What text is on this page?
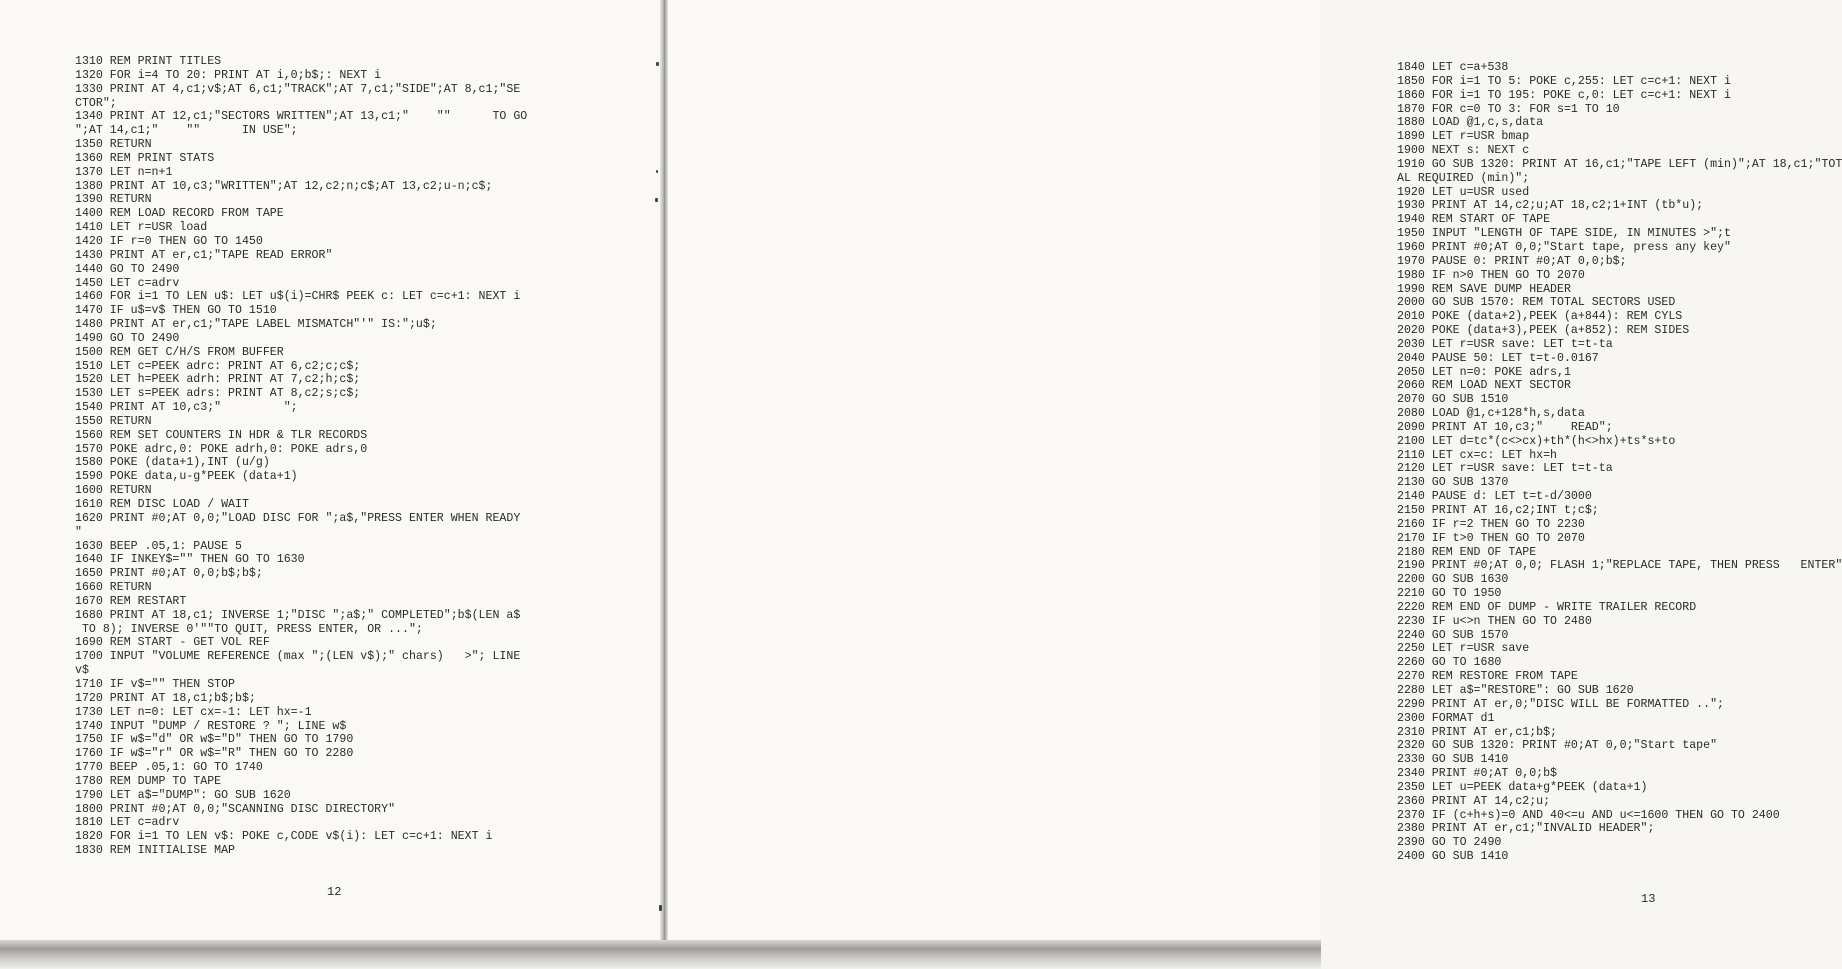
1310 REM PRINT TITLES
1320 FOR i=4 TO 20: PRINT AT i,0;b$;: NEXT i
1330 PRINT AT 4,c1;v$;AT 6,c1;"TRACK";AT 7,c1;"SIDE";AT 8,c1;"SE
CTOR";
1340 PRINT AT 12,c1;"SECTORS WRITTEN";AT 13,c1;"    ""      TO GO
";AT 14,c1;"    ""      IN USE";
1350 RETURN
1360 REM PRINT STATS
1370 LET n=n+1
1380 PRINT AT 10,c3;"WRITTEN";AT 12,c2;n;c$;AT 13,c2;u-n;c$;
1390 RETURN
1400 REM LOAD RECORD FROM TAPE
1410 LET r=USR load
1420 IF r=0 THEN GO TO 1450
1430 PRINT AT er,c1;"TAPE READ ERROR"
1440 GO TO 2490
1450 LET c=adrv
1460 FOR i=1 TO LEN u$: LET u$(i)=CHR$ PEEK c: LET c=c+1: NEXT i
1470 IF u$=v$ THEN GO TO 1510
1480 PRINT AT er,c1;"TAPE LABEL MISMATCH"'" IS:";u$;
1490 GO TO 2490
1500 REM GET C/H/S FROM BUFFER
1510 LET c=PEEK adrc: PRINT AT 6,c2;c;c$;
1520 LET h=PEEK adrh: PRINT AT 7,c2;h;c$;
1530 LET s=PEEK adrs: PRINT AT 8,c2;s;c$;
1540 PRINT AT 10,c3;"         ";
1550 RETURN
1560 REM SET COUNTERS IN HDR & TLR RECORDS
1570 POKE adrc,0: POKE adrh,0: POKE adrs,0
1580 POKE (data+1),INT (u/g)
1590 POKE data,u-g*PEEK (data+1)
1600 RETURN
1610 REM DISC LOAD / WAIT
1620 PRINT #0;AT 0,0;"LOAD DISC FOR ";a$,"PRESS ENTER WHEN READY
"
1630 BEEP .05,1: PAUSE 5
1640 IF INKEY$="" THEN GO TO 1630
1650 PRINT #0;AT 0,0;b$;b$;
1660 RETURN
1670 REM RESTART
1680 PRINT AT 18,c1; INVERSE 1;"DISC ";a$;" COMPLETED";b$(LEN a$
TO 8); INVERSE 0'""TO QUIT, PRESS ENTER, OR ...";
1690 REM START - GET VOL REF
1700 INPUT "VOLUME REFERENCE (max ";(LEN v$);" chars)   >"; LINE
v$
1710 IF v$="" THEN STOP
1720 PRINT AT 18,c1;b$;b$;
1730 LET n=0: LET cx=-1: LET hx=-1
1740 INPUT "DUMP / RESTORE ? "; LINE w$
1750 IF w$="d" OR w$="D" THEN GO TO 1790
1760 IF w$="r" OR w$="R" THEN GO TO 2280
1770 BEEP .05,1: GO TO 1740
1780 REM DUMP TO TAPE
1790 LET a$="DUMP": GO SUB 1620
1800 PRINT #0;AT 0,0;"SCANNING DISC DIRECTORY"
1810 LET c=adrv
1820 FOR i=1 TO LEN v$: POKE c,CODE v$(i): LET c=c+1: NEXT i
1830 REM INITIALISE MAP
12
1840 LET c=a+538
1850 FOR i=1 TO 5: POKE c,255: LET c=c+1: NEXT i
1860 FOR i=1 TO 195: POKE c,0: LET c=c+1: NEXT i
1870 FOR c=0 TO 3: FOR s=1 TO 10
1880 LOAD @1,c,s,data
1890 LET r=USR bmap
1900 NEXT s: NEXT c
1910 GO SUB 1320: PRINT AT 16,c1;"TAPE LEFT (min)";AT 18,c1;"TOT
AL REQUIRED (min)";
1920 LET u=USR used
1930 PRINT AT 14,c2;u;AT 18,c2;1+INT (tb*u);
1940 REM START OF TAPE
1950 INPUT "LENGTH OF TAPE SIDE, IN MINUTES >";t
1960 PRINT #0;AT 0,0;"Start tape, press any key"
1970 PAUSE 0: PRINT #0;AT 0,0;b$;
1980 IF n>0 THEN GO TO 2070
1990 REM SAVE DUMP HEADER
2000 GO SUB 1570: REM TOTAL SECTORS USED
2010 POKE (data+2),PEEK (a+844): REM CYLS
2020 POKE (data+3),PEEK (a+852): REM SIDES
2030 LET r=USR save: LET t=t-ta
2040 PAUSE 50: LET t=t-0.0167
2050 LET n=0: POKE adrs,1
2060 REM LOAD NEXT SECTOR
2070 GO SUB 1510
2080 LOAD @1,c+128*h,s,data
2090 PRINT AT 10,c3;"    READ";
2100 LET d=tc*(c<>cx)+th*(h<>hx)+ts*s+to
2110 LET cx=c: LET hx=h
2120 LET r=USR save: LET t=t-ta
2130 GO SUB 1370
2140 PAUSE d: LET t=t-d/3000
2150 PRINT AT 16,c2;INT t;c$;
2160 IF r=2 THEN GO TO 2230
2170 IF t>0 THEN GO TO 2070
2180 REM END OF TAPE
2190 PRINT #0;AT 0,0; FLASH 1;"REPLACE TAPE, THEN PRESS   ENTER"
2200 GO SUB 1630
2210 GO TO 1950
2220 REM END OF DUMP - WRITE TRAILER RECORD
2230 IF u<>n THEN GO TO 2480
2240 GO SUB 1570
2250 LET r=USR save
2260 GO TO 1680
2270 REM RESTORE FROM TAPE
2280 LET a$="RESTORE": GO SUB 1620
2290 PRINT AT er,0;"DISC WILL BE FORMATTED ..";
2300 FORMAT d1
2310 PRINT AT er,c1;b$;
2320 GO SUB 1320: PRINT #0;AT 0,0;"Start tape"
2330 GO SUB 1410
2340 PRINT #0;AT 0,0;b$
2350 LET u=PEEK data+g*PEEK (data+1)
2360 PRINT AT 14,c2;u;
2370 IF (c+h+s)=0 AND 40<=u AND u<=1600 THEN GO TO 2400
2380 PRINT AT er,c1;"INVALID HEADER";
2390 GO TO 2490
2400 GO SUB 1410
13
